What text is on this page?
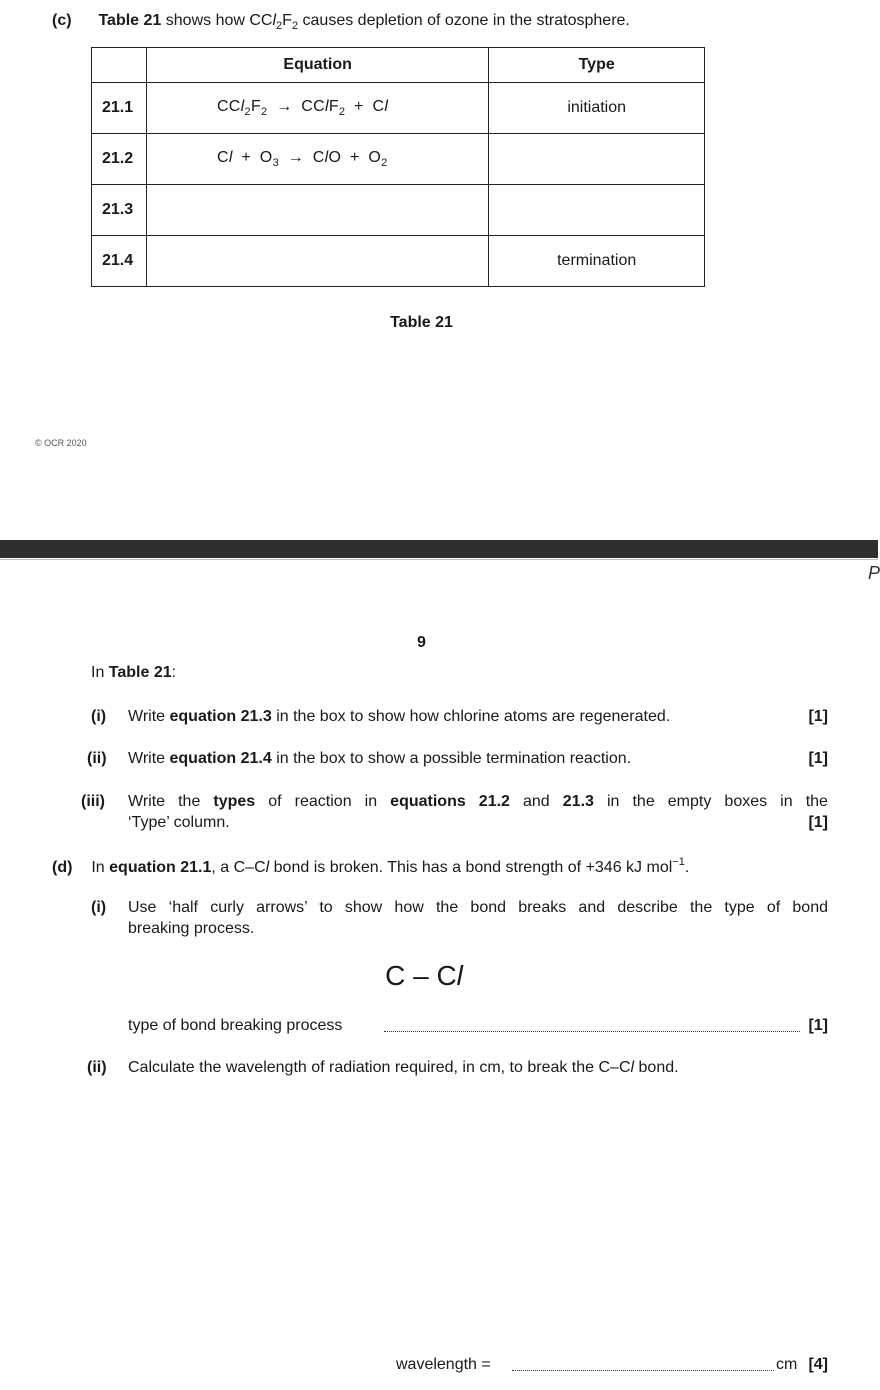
(c) Table 21 shows how $CCl_2F_2$ causes depletion of ozone in the stratosphere.
	Equation	Type
21.1	$CCl_2F_2$ → CClF$_2$ + Cl	initiation
21.2	$Cl + O_3$ → ClO + $O_2$	
21.3		
21.4		termination
Table 21
© OCR 2020
P
9
In Table 21:
(i) Write equation 21.3 in the box to show how chlorine atoms are regenerated.	[1]
(ii) Write equation 21.4 in the box to show a possible termination reaction.	[1]
(iii) Write the types of reaction in equations 21.2 and 21.3 in the empty boxes in the
‘Type’ column.	[1]
(d) In equation 21.1, a C–Cl bond is broken. This has a bond strength of +346 kJ mol$^{-1}$.
(i) Use ‘half curly arrows’ to show how the bond breaks and describe the type of bond
breaking process.
C – Cl
type of bond breaking process	[1]
(ii) Calculate the wavelength of radiation required, in cm, to break the C–Cl bond.
wavelength =	cm [4]
